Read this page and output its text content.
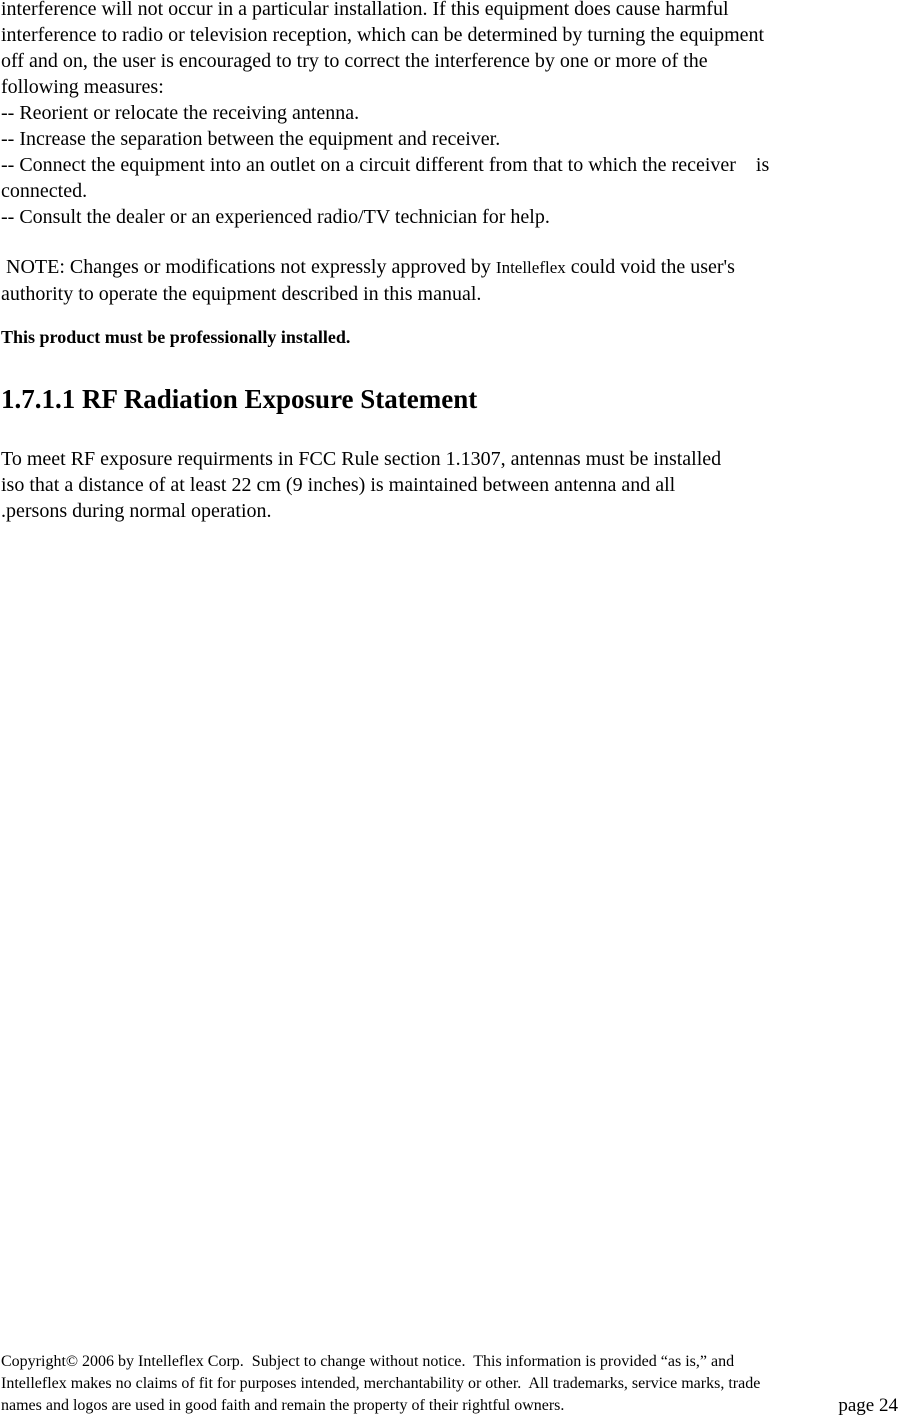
interference will not occur in a particular installation. If this equipment does cause harmful
interference to radio or television reception, which can be determined by turning the equipment
off and on, the user is encouraged to try to correct the interference by one or more of the
following measures:
-- Reorient or relocate the receiving antenna.
-- Increase the separation between the equipment and receiver.
-- Connect the equipment into an outlet on a circuit different from that to which the receiver    is
connected.
-- Consult the dealer or an experienced radio/TV technician for help.
NOTE: Changes or modifications not expressly approved by Intelleflex could void the user's
authority to operate the equipment described in this manual.
This product must be professionally installed.
1.7.1.1 RF Radiation Exposure Statement
To meet RF exposure requirments in FCC Rule section 1.1307, antennas must be installed
iso that a distance of at least 22 cm (9 inches) is maintained between antenna and all
.persons during normal operation.
Copyright© 2006 by Intelleflex Corp.  Subject to change without notice.  This information is provided “as is,” and
Intelleflex makes no claims of fit for purposes intended, merchantability or other.  All trademarks, service marks, trade
names and logos are used in good faith and remain the property of their rightful owners.	page 24
